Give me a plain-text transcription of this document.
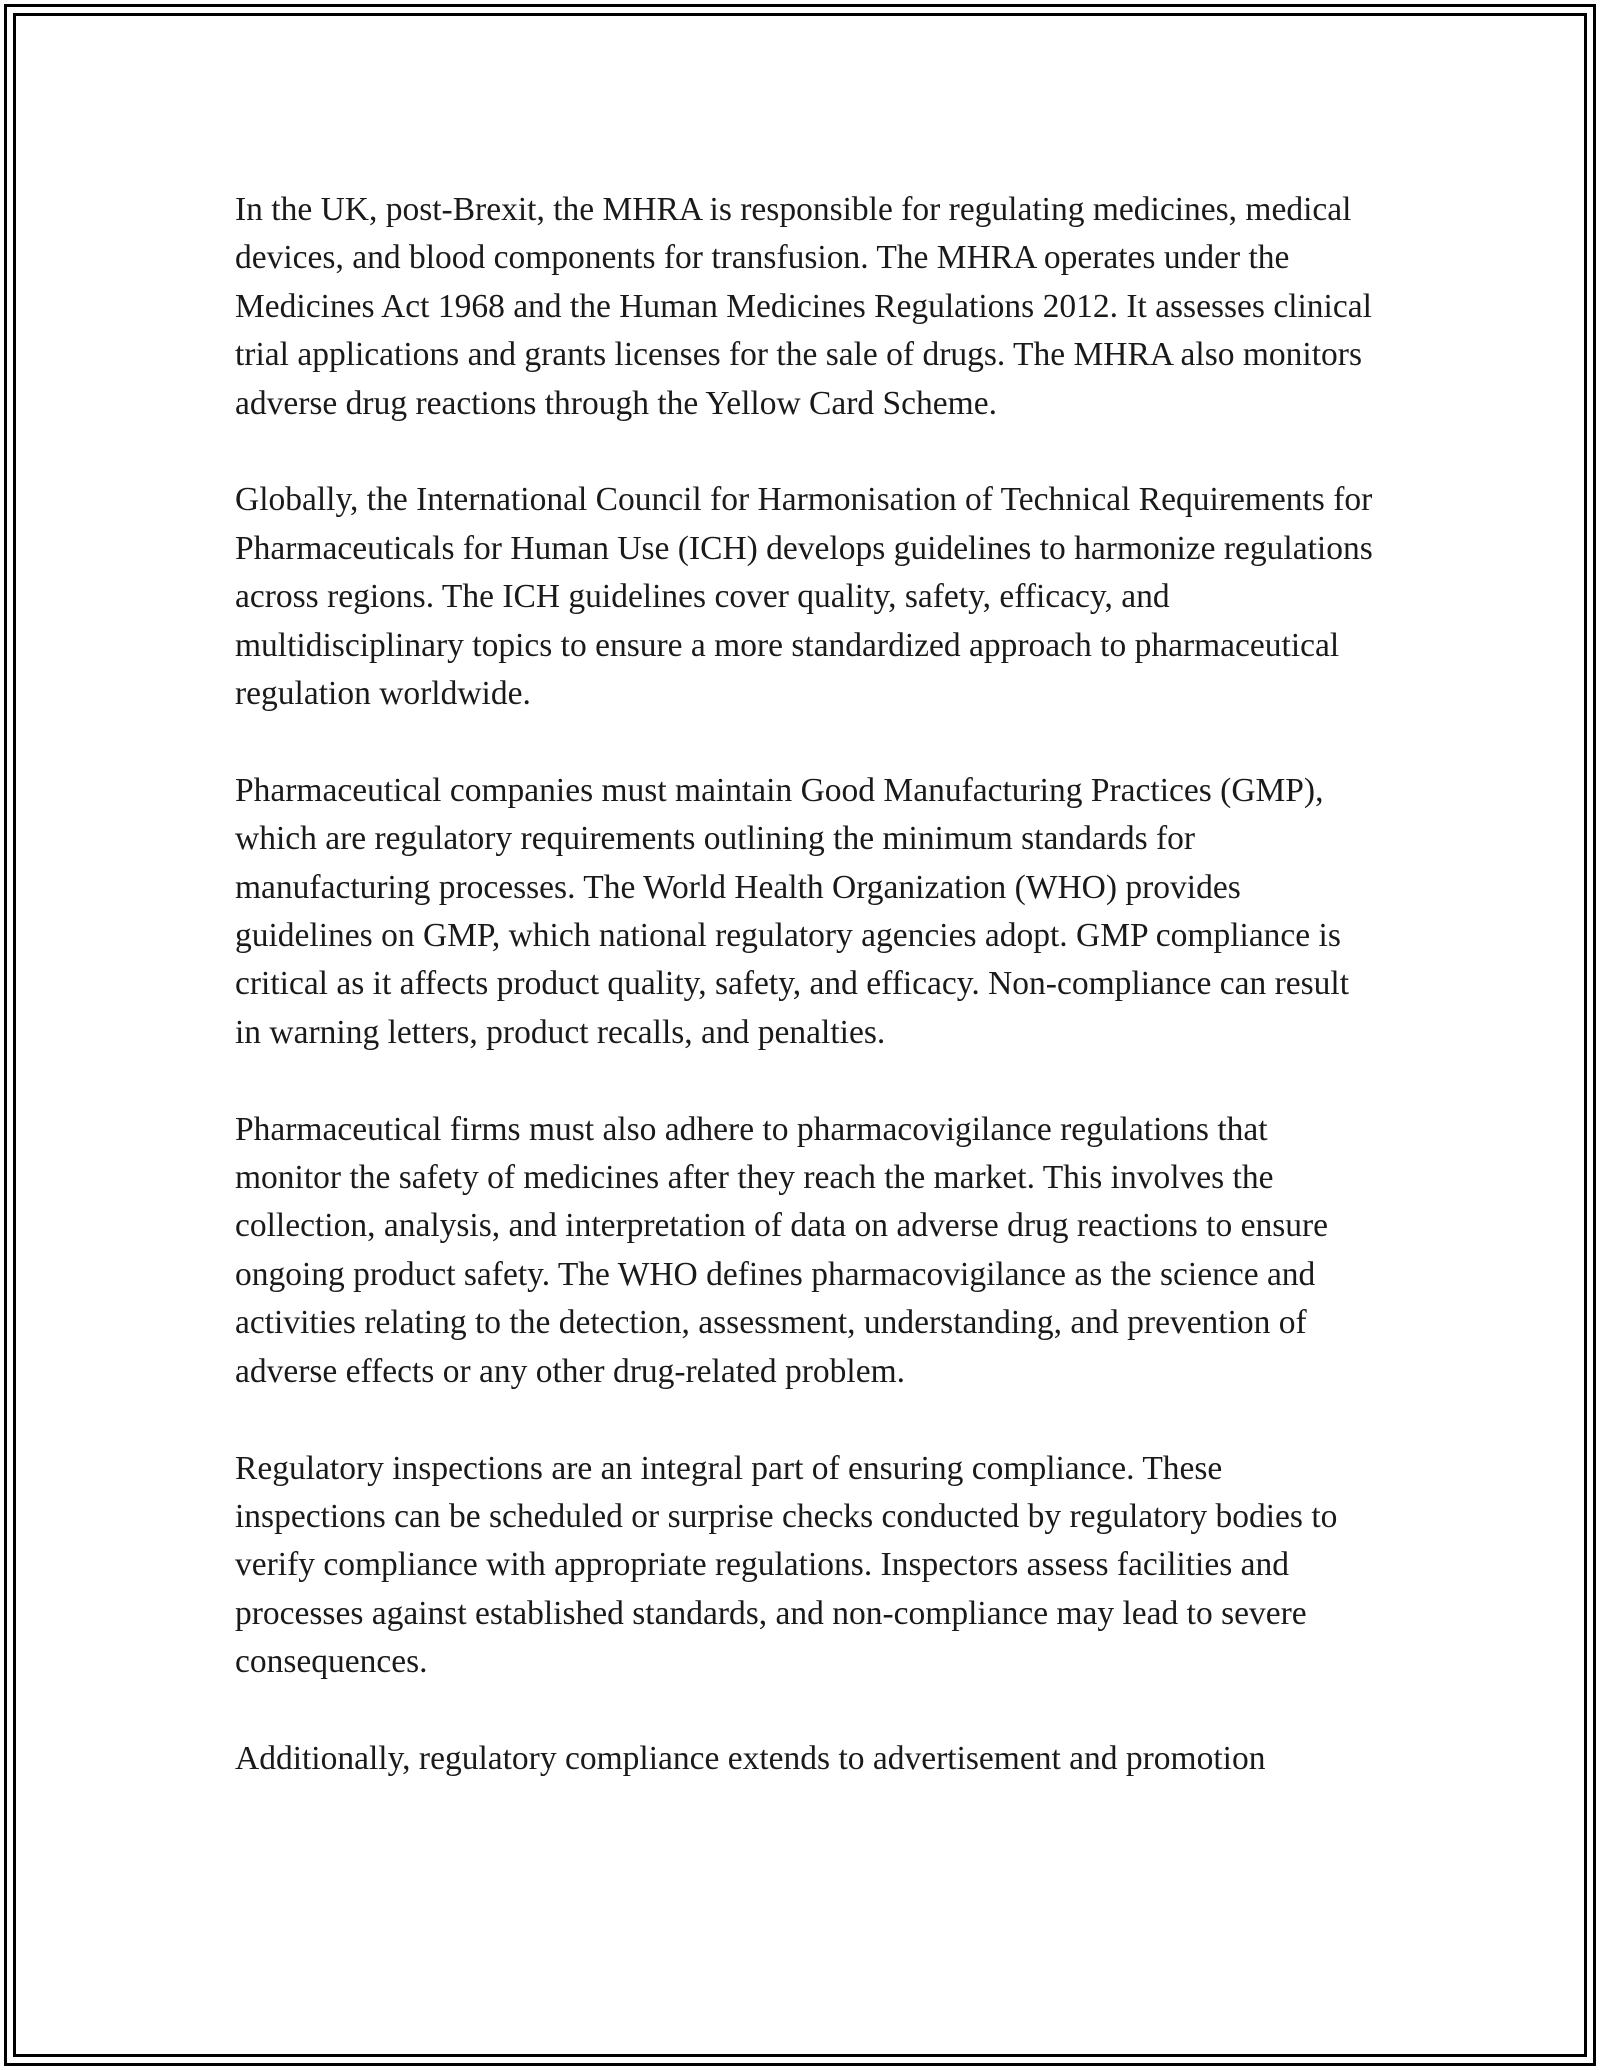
In the UK, post-Brexit, the MHRA is responsible for regulating medicines, medical devices, and blood components for transfusion. The MHRA operates under the Medicines Act 1968 and the Human Medicines Regulations 2012. It assesses clinical trial applications and grants licenses for the sale of drugs. The MHRA also monitors adverse drug reactions through the Yellow Card Scheme.

Globally, the International Council for Harmonisation of Technical Requirements for Pharmaceuticals for Human Use (ICH) develops guidelines to harmonize regulations across regions. The ICH guidelines cover quality, safety, efficacy, and multidisciplinary topics to ensure a more standardized approach to pharmaceutical regulation worldwide.

Pharmaceutical companies must maintain Good Manufacturing Practices (GMP), which are regulatory requirements outlining the minimum standards for manufacturing processes. The World Health Organization (WHO) provides guidelines on GMP, which national regulatory agencies adopt. GMP compliance is critical as it affects product quality, safety, and efficacy. Non-compliance can result in warning letters, product recalls, and penalties.

Pharmaceutical firms must also adhere to pharmacovigilance regulations that monitor the safety of medicines after they reach the market. This involves the collection, analysis, and interpretation of data on adverse drug reactions to ensure ongoing product safety. The WHO defines pharmacovigilance as the science and activities relating to the detection, assessment, understanding, and prevention of adverse effects or any other drug-related problem.

Regulatory inspections are an integral part of ensuring compliance. These inspections can be scheduled or surprise checks conducted by regulatory bodies to verify compliance with appropriate regulations. Inspectors assess facilities and processes against established standards, and non-compliance may lead to severe consequences.

Additionally, regulatory compliance extends to advertisement and promotion
